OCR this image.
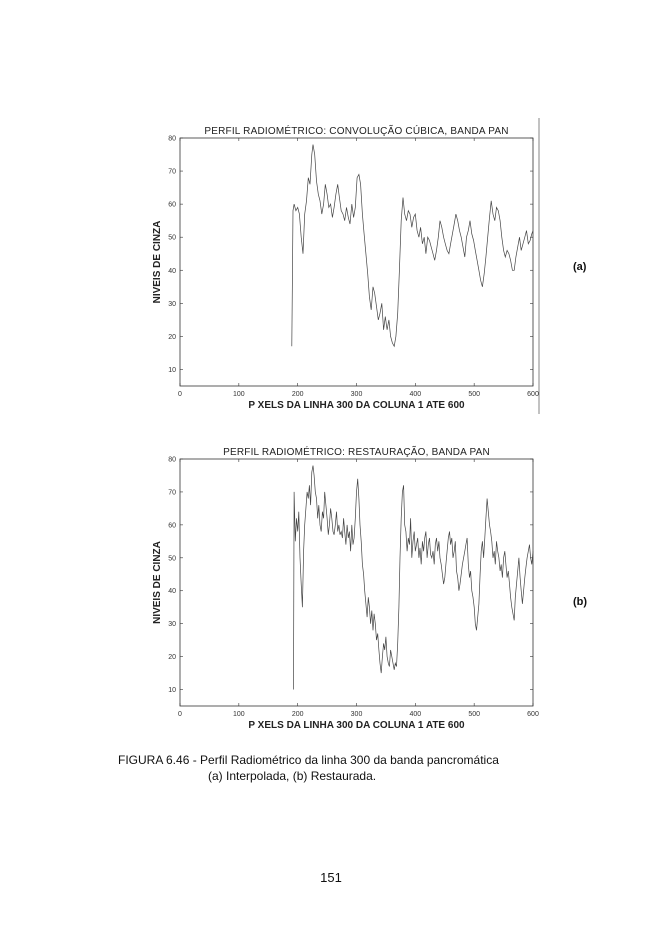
PERFIL RADIOMÉTRICO: CONVOLUÇÃO CÚBICA, BANDA PAN
0	100	200	300	400	500	600
10
20
30
40
50
60
70
80
P XELS DA LINHA 300 DA COLUNA 1 ATE 600
NIVEIS DE CINZA	(a)
PERFIL RADIOMÉTRICO: RESTAURAÇÃO, BANDA PAN
0	100	200	300	400	500	600
10
20
30
40
50
60
70
80
P XELS DA LINHA 300 DA COLUNA 1 ATE 600
NIVEIS DE CINZA	(b)
FIGURA 6.46 - Perfil Radiométrico da linha 300 da banda pancromática
(a) Interpolada, (b) Restaurada.
151
